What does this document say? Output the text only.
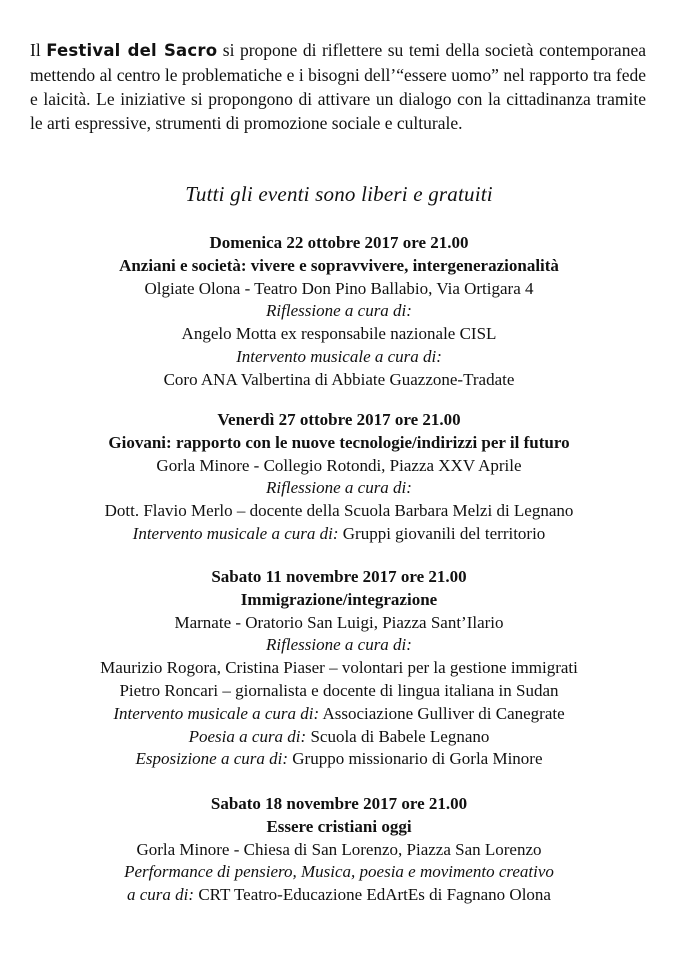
Il Festival del Sacro si propone di riflettere su temi della società contemporanea mettendo al centro le problematiche e i bisogni dell’“essere uomo” nel rapporto tra fede e laicità. Le iniziative si propongono di attivare un dialogo con la cittadinanza tramite le arti espressive, strumenti di promozione sociale e culturale.

Tutti gli eventi sono liberi e gratuiti
Domenica 22 ottobre 2017 ore 21.00
Anziani e società: vivere e sopravvivere, intergenerazionalità
Olgiate Olona - Teatro Don Pino Ballabio, Via Ortigara 4
Riflessione a cura di:
Angelo Motta ex responsabile nazionale CISL
Intervento musicale a cura di:
Coro ANA Valbertina di Abbiate Guazzone-Tradate
Venerdì 27 ottobre 2017 ore 21.00
Giovani: rapporto con le nuove tecnologie/indirizzi per il futuro
Gorla Minore - Collegio Rotondi, Piazza XXV Aprile
Riflessione a cura di:
Dott. Flavio Merlo – docente della Scuola Barbara Melzi di Legnano
Intervento musicale a cura di: Gruppi giovanili del territorio
Sabato 11 novembre 2017 ore 21.00
Immigrazione/integrazione
Marnate - Oratorio San Luigi, Piazza Sant’Ilario
Riflessione a cura di:
Maurizio Rogora, Cristina Piaser – volontari per la gestione immigrati
Pietro Roncari – giornalista e docente di lingua italiana in Sudan
Intervento musicale a cura di: Associazione Gulliver di Canegrate
Poesia a cura di: Scuola di Babele Legnano
Esposizione a cura di: Gruppo missionario di Gorla Minore
Sabato 18 novembre 2017 ore 21.00
Essere cristiani oggi
Gorla Minore - Chiesa di San Lorenzo, Piazza San Lorenzo
Performance di pensiero, Musica, poesia e movimento creativo
a cura di: CRT Teatro-Educazione EdArtEs di Fagnano Olona
